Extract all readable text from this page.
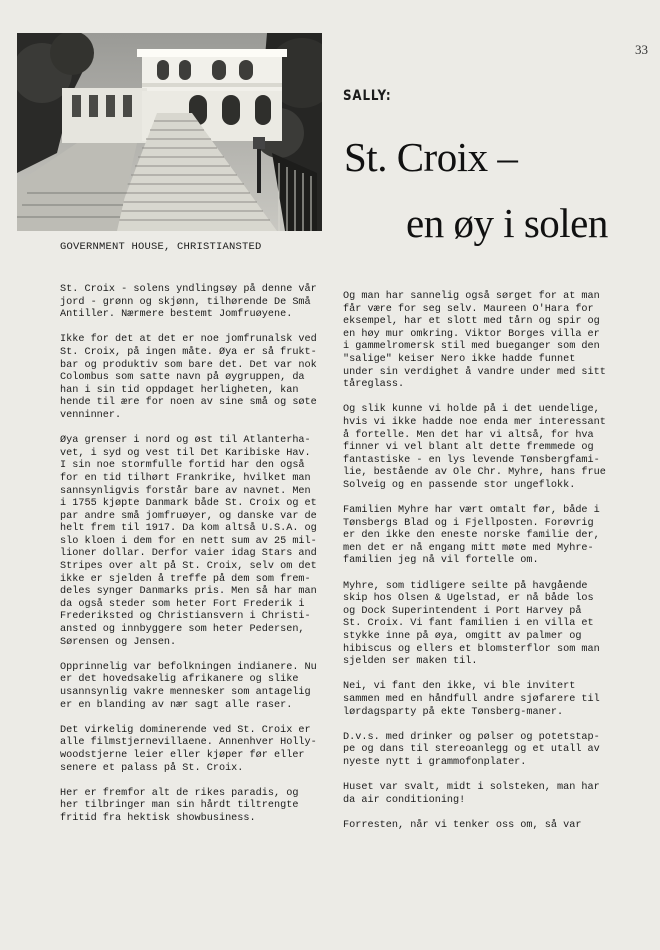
33
GOVERNMENT HOUSE, CHRISTIANSTED
SALLY:
St. Croix –
en øy i solen

St. Croix - solens yndlingsøy på denne vår
jord - grønn og skjønn, tilhørende De Små
Antiller. Nærmere bestemt Jomfruøyene.

Ikke for det at det er noe jomfrunalsk ved
St. Croix, på ingen måte. Øya er så frukt-
bar og produktiv som bare det. Det var nok
Colombus som satte navn på øygruppen, da
han i sin tid oppdaget herligheten, kan
hende til ære for noen av sine små og søte
venninner.

Øya grenser i nord og øst til Atlanterha-
vet, i syd og vest til Det Karibiske Hav.
I sin noe stormfulle fortid har den også
for en tid tilhørt Frankrike, hvilket man
sannsynligvis forstår bare av navnet. Men
i 1755 kjøpte Danmark både St. Croix og et
par andre små jomfruøyer, og danske var de
helt frem til 1917. Da kom altså U.S.A. og
slo kloen i dem for en nett sum av 25 mil-
lioner dollar. Derfor vaier idag Stars and
Stripes over alt på St. Croix, selv om det
ikke er sjelden å treffe på dem som frem-
deles synger Danmarks pris. Men så har man
da også steder som heter Fort Frederik i
Frederiksted og Christiansvern i Christi-
ansted og innbyggere som heter Pedersen,
Sørensen og Jensen.

Opprinnelig var befolkningen indianere. Nu
er det hovedsakelig afrikanere og slike
usannsynlig vakre mennesker som antagelig
er en blanding av nær sagt alle raser.

Det virkelig dominerende ved St. Croix er
alle filmstjernevillaene. Annenhver Holly-
woodstjerne leier eller kjøper før eller
senere et palass på St. Croix.

Her er fremfor alt de rikes paradis, og
her tilbringer man sin hårdt tiltrengte
fritid fra hektisk showbusiness.

Og man har sannelig også sørget for at man
får være for seg selv. Maureen O'Hara for
eksempel, har et slott med tårn og spir og
en høy mur omkring. Viktor Borges villa er
i gammelromersk stil med bueganger som den
"salige" keiser Nero ikke hadde funnet
under sin verdighet å vandre under med sitt
tåreglass.

Og slik kunne vi holde på i det uendelige,
hvis vi ikke hadde noe enda mer interessant
å fortelle. Men det har vi altså, for hva
finner vi vel blant alt dette fremmede og
fantastiske - en lys levende Tønsbergfami-
lie, bestående av Ole Chr. Myhre, hans frue
Solveig og en passende stor ungeflokk.

Familien Myhre har vært omtalt før, både i
Tønsbergs Blad og i Fjellposten. Forøvrig
er den ikke den eneste norske familie der,
men det er nå engang mitt møte med Myhre-
familien jeg nå vil fortelle om.

Myhre, som tidligere seilte på havgående
skip hos Olsen & Ugelstad, er nå både los
og Dock Superintendent i Port Harvey på
St. Croix. Vi fant familien i en villa et
stykke inne på øya, omgitt av palmer og
hibiscus og ellers et blomsterflor som man
sjelden ser maken til.

Nei, vi fant den ikke, vi ble invitert
sammen med en håndfull andre sjøfarere til
lørdagsparty på ekte Tønsberg-maner.

D.v.s. med drinker og pølser og potetstap-
pe og dans til stereoanlegg og et utall av
nyeste nytt i grammofonplater.

Huset var svalt, midt i solsteken, man har
da air conditioning!

Forresten, når vi tenker oss om, så var
